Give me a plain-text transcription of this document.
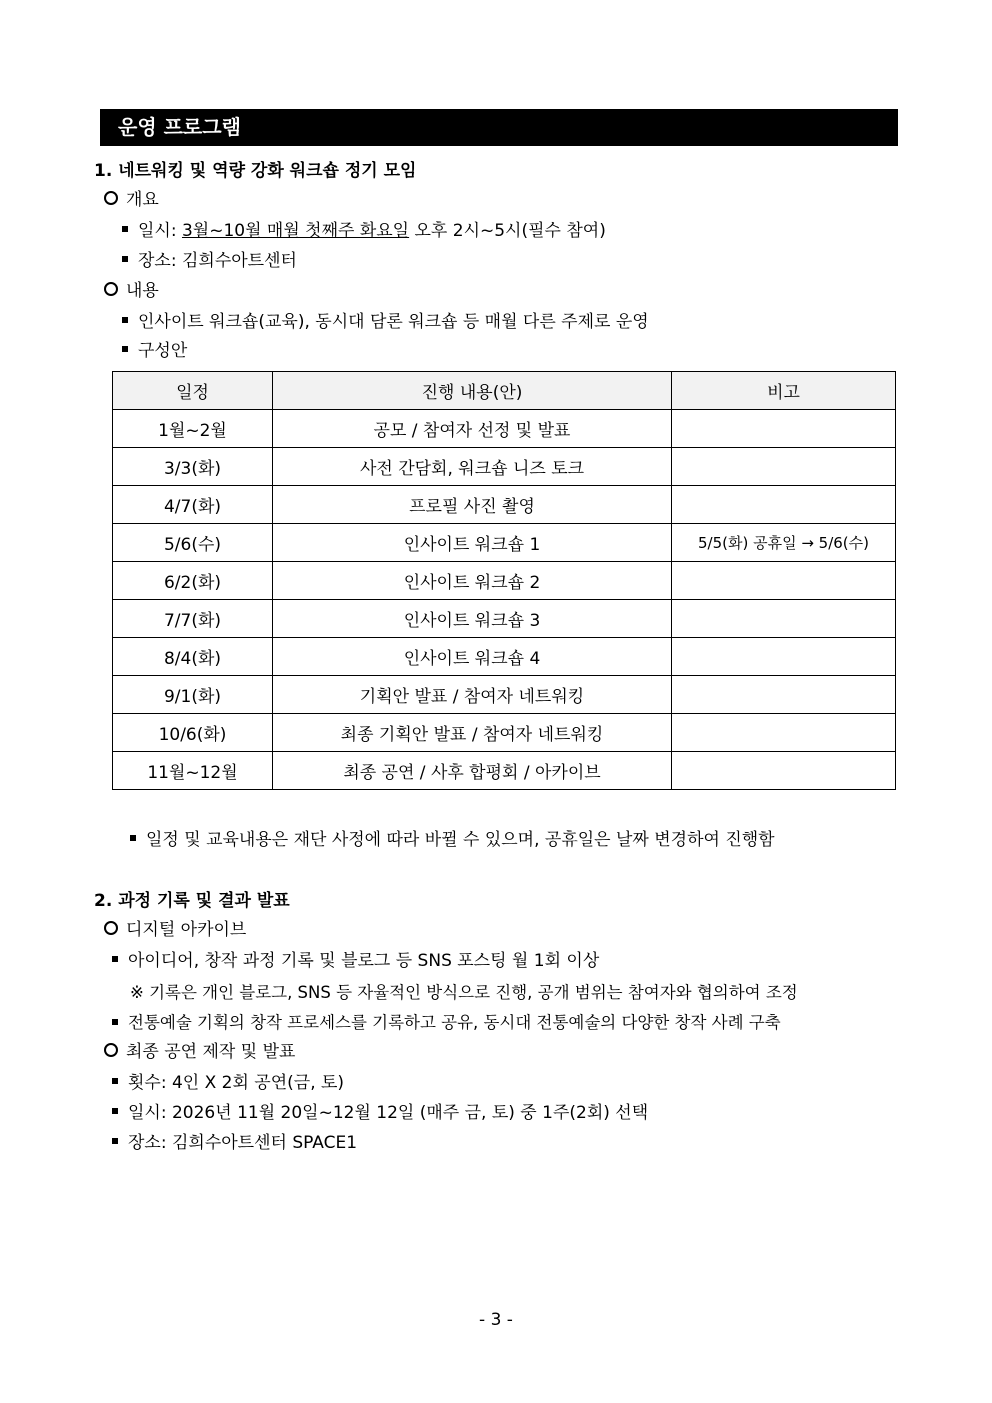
운영 프로그램
1. 네트워킹 및 역량 강화 워크숍 정기 모임
개요
일시: 3월~10월 매월 첫째주 화요일 오후 2시~5시(필수 참여)
장소: 김희수아트센터
내용
인사이트 워크숍(교육), 동시대 담론 워크숍 등 매월 다른 주제로 운영
구성안
일정	진행 내용(안)	비고
1월~2월	공모 / 참여자 선정 및 발표	
3/3(화)	사전 간담회, 워크숍 니즈 토크	
4/7(화)	프로필 사진 촬영	
5/6(수)	인사이트 워크숍 1	5/5(화) 공휴일 → 5/6(수)
6/2(화)	인사이트 워크숍 2	
7/7(화)	인사이트 워크숍 3	
8/4(화)	인사이트 워크숍 4	
9/1(화)	기획안 발표 / 참여자 네트워킹	
10/6(화)	최종 기획안 발표 / 참여자 네트워킹	
11월~12월	최종 공연 / 사후 합평회 / 아카이브	
일정 및 교육내용은 재단 사정에 따라 바뀔 수 있으며, 공휴일은 날짜 변경하여 진행함
2. 과정 기록 및 결과 발표
디지털 아카이브
아이디어, 창작 과정 기록 및 블로그 등 SNS 포스팅 월 1회 이상
※ 기록은 개인 블로그, SNS 등 자율적인 방식으로 진행, 공개 범위는 참여자와 협의하여 조정
전통예술 기획의 창작 프로세스를 기록하고 공유, 동시대 전통예술의 다양한 창작 사례 구축
최종 공연 제작 및 발표
횟수: 4인 X 2회 공연(금, 토)
일시: 2026년 11월 20일~12월 12일 (매주 금, 토) 중 1주(2회) 선택
장소: 김희수아트센터 SPACE1
- 3 -
